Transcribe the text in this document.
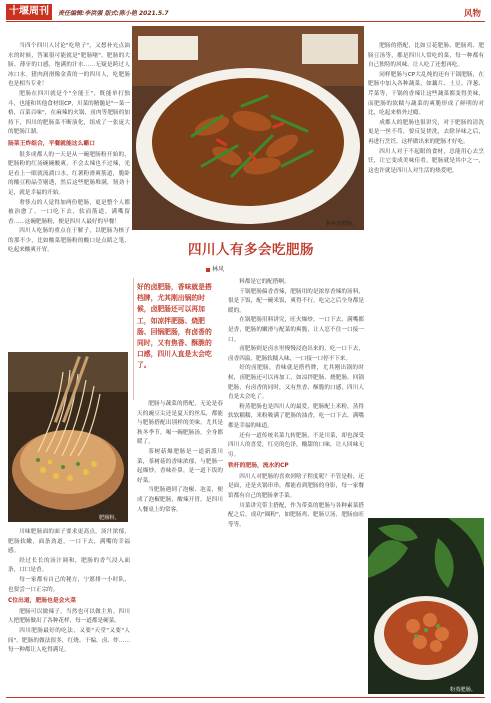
十堰周刊	责任编辑:李洪强 版式:陈小艳 2021.5.7	风物

当四个四川人讨论"吃啥子"，又想补充点油水的时候，答案很可能就是"肥肠噻"。肥肠的大肠、薄牙的口感，饱满的汁水……无疑是跨过人冰口水。猪肉润滑像金黄的一的四川人，吃肥肠也是相当专业！

肥肠在四川就是个"全能王"，既能单打独斗，也能和其他食材组CP，川菜的精髓是"一菜一格，百菜百味"，在麻辣的火锅、卤肉等肥肠的加持下，四川的肥肠菜不断演化，组成了一张庞大的肥肠江湖。

肠菜王炸组合，平餐就能这么霸口

很多成都人的一天是从一碗肥肠粉开始的，肥肠粉的红汤碗碗酸爽，不会太辣也不过辣，光是看上一眼就流淌口水，红薯粉滑爽筋道，脆卧的酸豆粉晶莹剔透，然后这些肥肠堆满，韧劲十足，就是幸福的开始。

奢侈点的人觉得加两份肥肠，更是整个人都被治愈了。一口吃下去，软而筋道，满嘴留香……这碗肥肠粉，便是四川人最好的早餐！

四川人吃肠的重点在于解子，以肥肠为核子的那不少，比如酸菜肥肠粉的酸口是点睛之笔，吃起来酸爽开胃。

肥肠粉。

川味肥肠面的面子要求更高点，汤汁浓郁，肥肠软嫩，面条劲道，一口下去，满嘴的幸福感。

经过长长的汤汁调和，肥肠的香气浸入面条，口口是香。

每一家都有自己的秘方，宁愿排一小时队，也要尝一口正宗的。

C位出道，肥肠也是会火菜

肥肠可以做辣子，当然也可以做主角。四川人把肥肠做出了各种花样，每一道都是硬菜。

四川肥肠最好的吃法，又要"天堂"又要"人间"。肥肠的做法很多，红烧、干煸、卤、炸……每一种都让人吃得满足。

转乡烧肥肠。
四川人有多会吃肥肠
林风
好的卤肥肠，香味就是搭档牌，尤其刚出锅的时候，卤肥肠还可以再加工，如凉拌肥肠、烧肥肠、回锅肥肠，有卤香的同时，又有焦香、酥脆的口感，四川人直是太会吃了。

料都是它的配搭啊。

干锅肥肠偏香香辣，肥肠用的是浓厚香辣的汤料，很是下饭，配一碗米饭，爽得不行，吃完之后全身都是暖的。

在锅肥肠用料讲究，旺火爆炒，一口下去，满嘴都是香，肥肠的嫩滑与配菜的爽脆，让人忍不住一口接一口。

卤肥肠则是卤水里慢慢浸泡出来的，吃一口下去，卤香四溢，肥肠软糯入味，一口接一口停不下来。

好的卤肥肠，香味就是搭档牌，尤其刚出锅的时候，卤肥肠还可以再加工，如凉拌肥肠、烧肥肠、回锅肥肠，有卤香的同时，又有焦香、酥脆的口感，四川人直是太会吃了。

粉蒸肥肠也是四川人的最爱，肥肠配上米粉，蒸得软软糯糯，米粉吸满了肥肠的油香，吃一口下去，满嘴都是幸福的味道。

还有一道传统名菜九转肥肠，不是川菜，却也深受四川人的喜爱，红亮的色泽，酸甜的口味，让人回味无穷。

铁杆的肥肠，流水的CP

四川人对肥肠的喜欢到啥子程度呢？不管是粉，还是面，还是火锅串串，都能看到肥肠的身影，每一家餐馆都有自己的肥肠拿手菜。

川菜讲究带主搭配，作为带菜的肥肠与各种素菜搭配之后，成功"圈粉"，如肥肠鸡、肥肠豆汤、肥肠血旺等等。

肥肠与蔬菜的搭配，无论是春天的豌豆尖还是夏天的丝瓜，都能与肥肠搭配出别样的美味，尤其是秋冬季节，喝一碗肥肠汤，全身都暖了。

茶树菇爆肥肠是一道新派川菜，茶树菇的香味浓郁，与肥肠一起爆炒，香味扑鼻，是一道下饭的好菜。

当肥肠遇到了泡椒、泡姜，便成了泡椒肥肠，酸辣开胃，是四川人餐桌上的常客。

肥肠的搭配，比如豆花肥肠、肥肠鸡、肥肠豆汤等，都是四川人常吃的菜，每一种都有自己独特的风味，让人吃了还想再吃。

同样肥肠与CP大乱炖的还有干锅肥肠，在肥肠中加入各种蔬菜，如藕片、土豆、洋葱、芹菜等，干锅的香辣让这些蔬菜都变得美味，而肥肠的软糯与蔬菜的爽脆形成了鲜明的对比，吃起来格外过瘾。

成都人的肥肠也很讲究，对于肥肠的清洗更是一丝不苟，要反复搓洗，去除异味之后，再进行烹饪，这样做出来的肥肠才好吃。

四川人对于不起眼的食材，总能用心去烹饪，让它变成美味佳肴，肥肠就是其中之一，这也许就是四川人对生活的热爱吧。

粉蒸肥肠。
